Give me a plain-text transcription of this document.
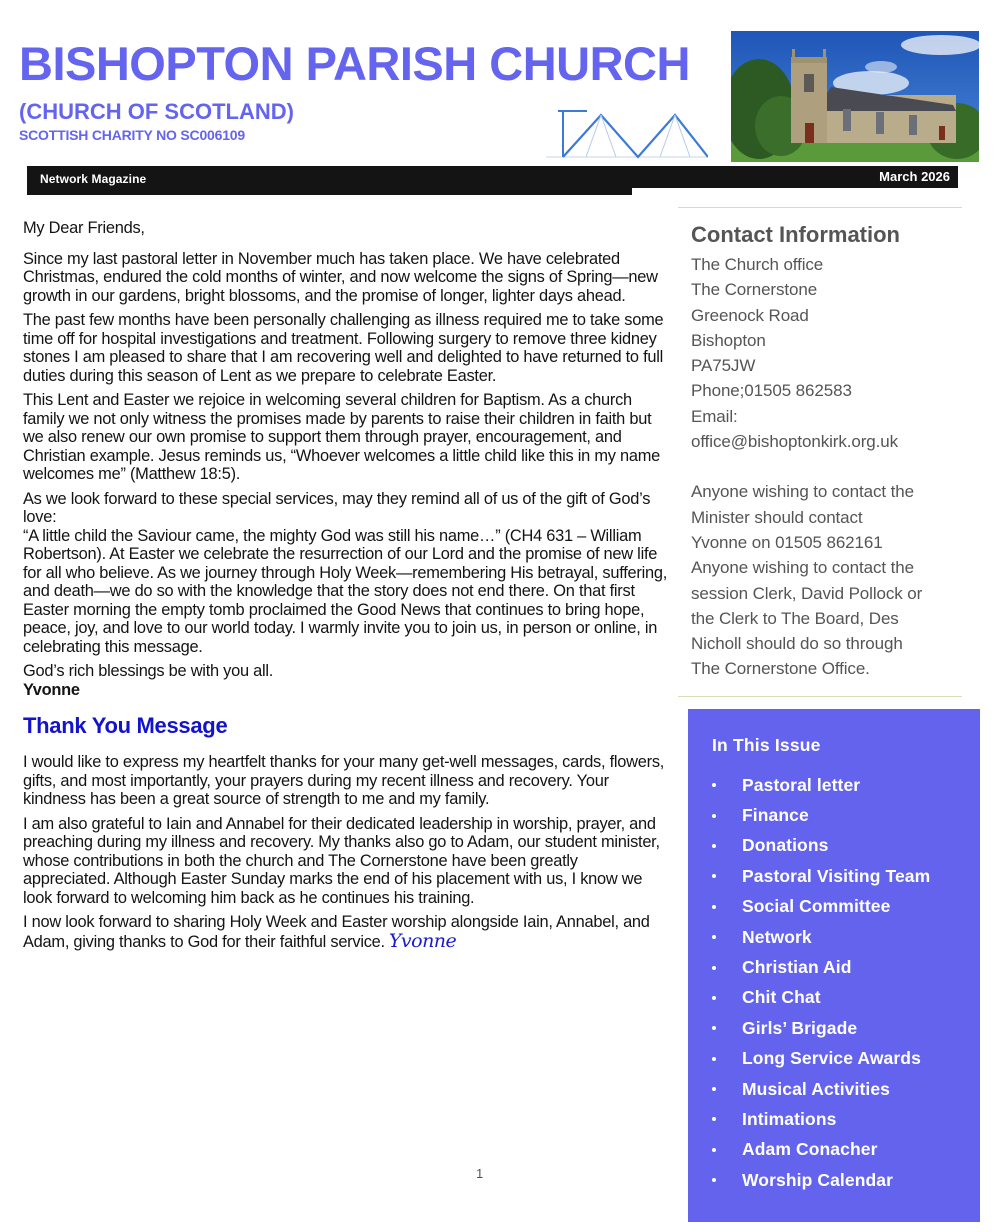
BISHOPTON PARISH CHURCH
(CHURCH OF SCOTLAND)
SCOTTISH CHARITY NO SC006109
Network Magazine	March 2026

My Dear Friends,

Since my last pastoral letter in November much has taken place. We have celebrated Christmas, endured the cold months of winter, and now welcome the signs of Spring—new growth in our gardens, bright blossoms, and the promise of longer, lighter days ahead.

The past few months have been personally challenging as illness required me to take some time off for hospital investigations and treatment. Following surgery to remove three kidney stones I am pleased to share that I am recovering well and delighted to have returned to full duties during this season of Lent as we prepare to celebrate Easter.

This Lent and Easter we rejoice in welcoming several children for Baptism. As a church family we not only witness the promises made by parents to raise their children in faith but we also renew our own promise to support them through prayer, encouragement, and Christian example. Jesus reminds us, “Whoever welcomes a little child like this in my name welcomes me” (Matthew 18:5).

As we look forward to these special services, may they remind all of us of the gift of God’s love:

“A little child the Saviour came, the mighty God was still his name…” (CH4 631 – William Robertson). At Easter we celebrate the resurrection of our Lord and the promise of new life for all who believe. As we journey through Holy Week—remembering His betrayal, suffering, and death—we do so with the knowledge that the story does not end there. On that first Easter morning the empty tomb proclaimed the Good News that continues to bring hope, peace, joy, and love to our world today. I warmly invite you to join us, in person or online, in celebrating this message.

God’s rich blessings be with you all.

Yvonne

Thank You Message

I would like to express my heartfelt thanks for your many get-well messages, cards, flowers, gifts, and most importantly, your prayers during my recent illness and recovery. Your kindness has been a great source of strength to me and my family.

I am also grateful to Iain and Annabel for their dedicated leadership in worship, prayer, and preaching during my illness and recovery. My thanks also go to Adam, our student minister, whose contributions in both the church and The Cornerstone have been greatly appreciated. Although Easter Sunday marks the end of his placement with us, I know we look forward to welcoming him back as he continues his training.

I now look forward to sharing Holy Week and Easter worship alongside Iain, Annabel, and Adam, giving thanks to God for their faithful service. Yvonne

1
Contact Information
The Church office
The Cornerstone
Greenock Road
Bishopton
PA75JW
Phone;01505 862583
Email:
office@bishoptonkirk.org.uk
Anyone wishing to contact the
Minister should contact
Yvonne on 01505 862161
Anyone wishing to contact the
session Clerk, David Pollock or
the Clerk to The Board, Des
Nicholl should do so through
The Cornerstone Office.
In This Issue
Pastoral letter
Finance
Donations
Pastoral Visiting Team
Social Committee
Network
Christian Aid
Chit Chat
Girls’ Brigade
Long Service Awards
Musical Activities
Intimations
Adam Conacher
Worship Calendar
